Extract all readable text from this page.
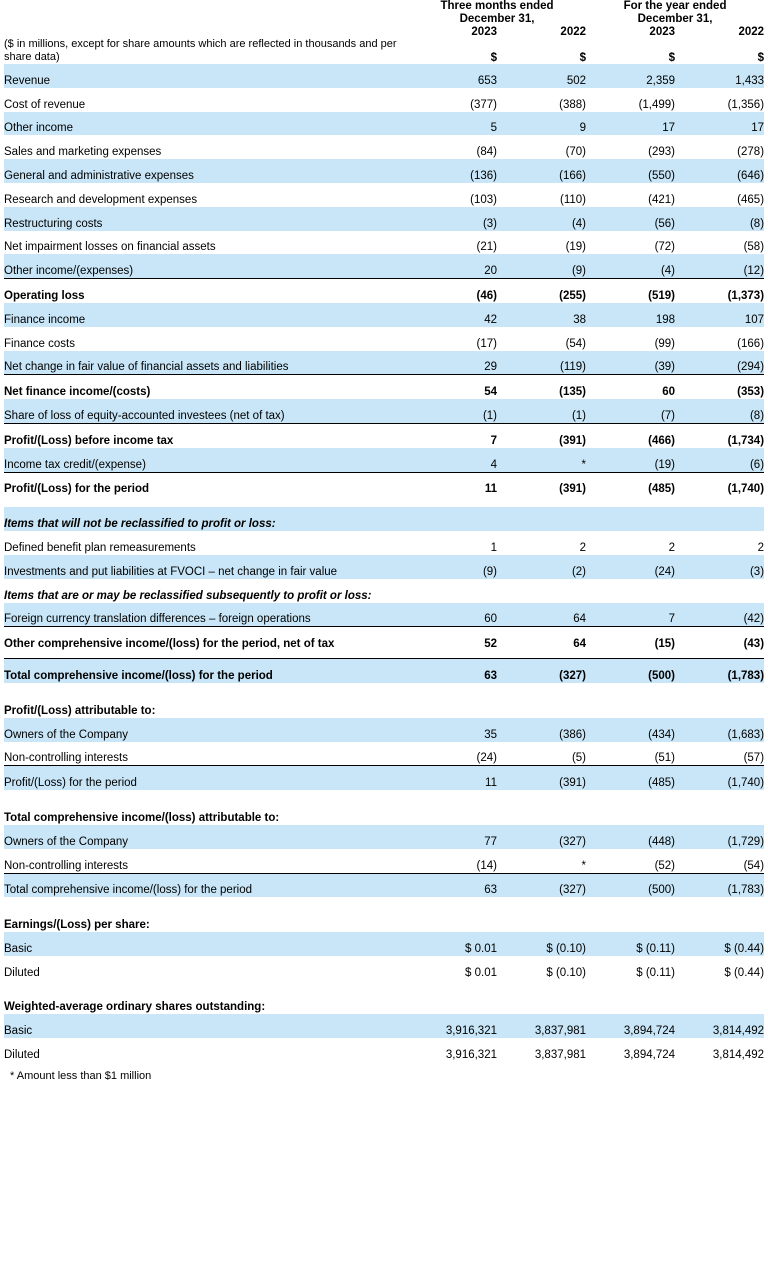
Three months ended
December 31,

For the year ended
December 31,

	2023	2022	2023	2022
($ in millions, except for share amounts which are reflected in thousands and per share data)	$	$	$	$
Revenue	653	502	2,359	1,433
Cost of revenue	(377)	(388)	(1,499)	(1,356)
Other income	5	9	17	17
Sales and marketing expenses	(84)	(70)	(293)	(278)
General and administrative expenses	(136)	(166)	(550)	(646)
Research and development expenses	(103)	(110)	(421)	(465)
Restructuring costs	(3)	(4)	(56)	(8)
Net impairment losses on financial assets	(21)	(19)	(72)	(58)
Other income/(expenses)	20	(9)	(4)	(12)
Operating loss	(46)	(255)	(519)	(1,373)
Finance income	42	38	198	107
Finance costs	(17)	(54)	(99)	(166)
Net change in fair value of financial assets and liabilities	29	(119)	(39)	(294)
Net finance income/(costs)	54	(135)	60	(353)
Share of loss of equity-accounted investees (net of tax)	(1)	(1)	(7)	(8)
Profit/(Loss) before income tax	7	(391)	(466)	(1,734)
Income tax credit/(expense)	4	*	(19)	(6)
Profit/(Loss) for the period	11	(391)	(485)	(1,740)

Items that will not be reclassified to profit or loss:				
Defined benefit plan remeasurements	1	2	2	2
Investments and put liabilities at FVOCI – net change in fair value	(9)	(2)	(24)	(3)
Items that are or may be reclassified subsequently to profit or loss:				
Foreign currency translation differences – foreign operations	60	64	7	(42)
Other comprehensive income/(loss) for the period, net of tax	52	64	(15)	(43)

Total comprehensive income/(loss) for the period	63	(327)	(500)	(1,783)

Profit/(Loss) attributable to:				
Owners of the Company	35	(386)	(434)	(1,683)
Non-controlling interests	(24)	(5)	(51)	(57)
Profit/(Loss) for the period	11	(391)	(485)	(1,740)

Total comprehensive income/(loss) attributable to:				
Owners of the Company	77	(327)	(448)	(1,729)
Non-controlling interests	(14)	*	(52)	(54)
Total comprehensive income/(loss) for the period	63	(327)	(500)	(1,783)

Earnings/(Loss) per share:				
Basic	$ 0.01	$ (0.10)	$ (0.11)	$ (0.44)
Diluted	$ 0.01	$ (0.10)	$ (0.11)	$ (0.44)

Weighted-average ordinary shares outstanding:				
Basic	3,916,321	3,837,981	3,894,724	3,814,492
Diluted	3,916,321	3,837,981	3,894,724	3,814,492
* Amount less than $1 million
